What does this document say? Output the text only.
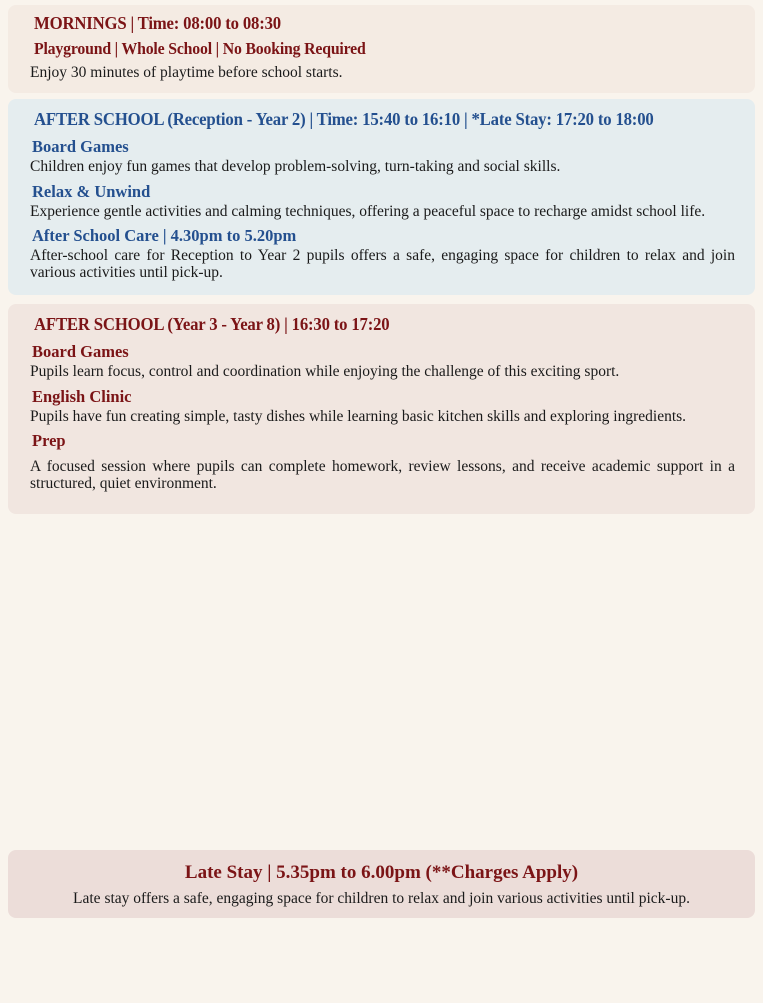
MORNINGS | Time: 08:00 to 08:30
Playground | Whole School | No Booking Required

Enjoy 30 minutes of playtime before school starts.

AFTER SCHOOL (Reception - Year 2) | Time: 15:40 to 16:10 | *Late Stay: 17:20 to 18:00
Board Games

Children enjoy fun games that develop problem-solving, turn-taking and social skills.

Relax & Unwind

Experience gentle activities and calming techniques, offering a peaceful space to recharge amidst school life.

After School Care | 4.30pm to 5.20pm

After-school care for Reception to Year 2 pupils offers a safe, engaging space for children to relax and join various activities until pick-up.

AFTER SCHOOL (Year 3 - Year 8) | 16:30 to 17:20
Board Games

Pupils learn focus, control and coordination while enjoying the challenge of this exciting sport.

English Clinic

Pupils have fun creating simple, tasty dishes while learning basic kitchen skills and exploring ingredients.

Prep

A focused session where pupils can complete homework, review lessons, and receive academic support in a structured, quiet environment.

Late Stay | 5.35pm to 6.00pm (**Charges Apply)

Late stay offers a safe, engaging space for children to relax and join various activities until pick-up.
